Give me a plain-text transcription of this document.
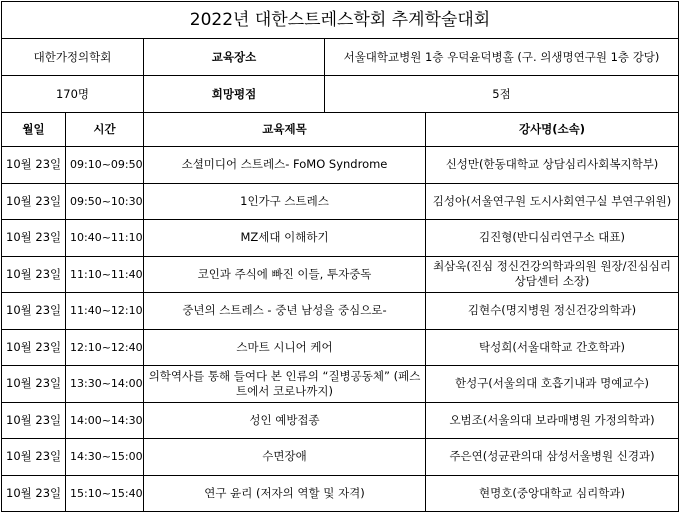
2022년 대한스트레스학회 추계학술대회				
대한가정의학회		교육장소	서울대학교병원 1층 우덕윤덕병홀 (구. 의생명연구원 1층 강당)	
170명		희망평점	5점	
월일	시간	교육제목		강사명(소속)
10월 23일	09:10~09:50	소셜미디어 스트레스- FoMO Syndrome		신성만(한동대학교 상담심리사회복지학부)
10월 23일	09:50~10:30	1인가구 스트레스		김성아(서울연구원 도시사회연구실 부연구위원)
10월 23일	10:40~11:10	MZ세대 이해하기		김진형(반디심리연구소 대표)
10월 23일	11:10~11:40	코인과 주식에 빠진 이들, 투자중독		최삼욱(진심 정신건강의학과의원 원장/진심심리상담센터 소장)
10월 23일	11:40~12:10	중년의 스트레스 - 중년 남성을 중심으로-		김현수(명지병원 정신건강의학과)
10월 23일	12:10~12:40	스마트 시니어 케어		탁성희(서울대학교 간호학과)
10월 23일	13:30~14:00	의학역사를 통해 들여다 본 인류의 “질병공동체” (페스트에서 코로나까지)		한성구(서울의대 호흡기내과 명예교수)
10월 23일	14:00~14:30	성인 예방접종		오범조(서울의대 보라매병원 가정의학과)
10월 23일	14:30~15:00	수면장애		주은연(성균관의대 삼성서울병원 신경과)
10월 23일	15:10~15:40	연구 윤리 (저자의 역할 및 자격)		현명호(중앙대학교 심리학과)
